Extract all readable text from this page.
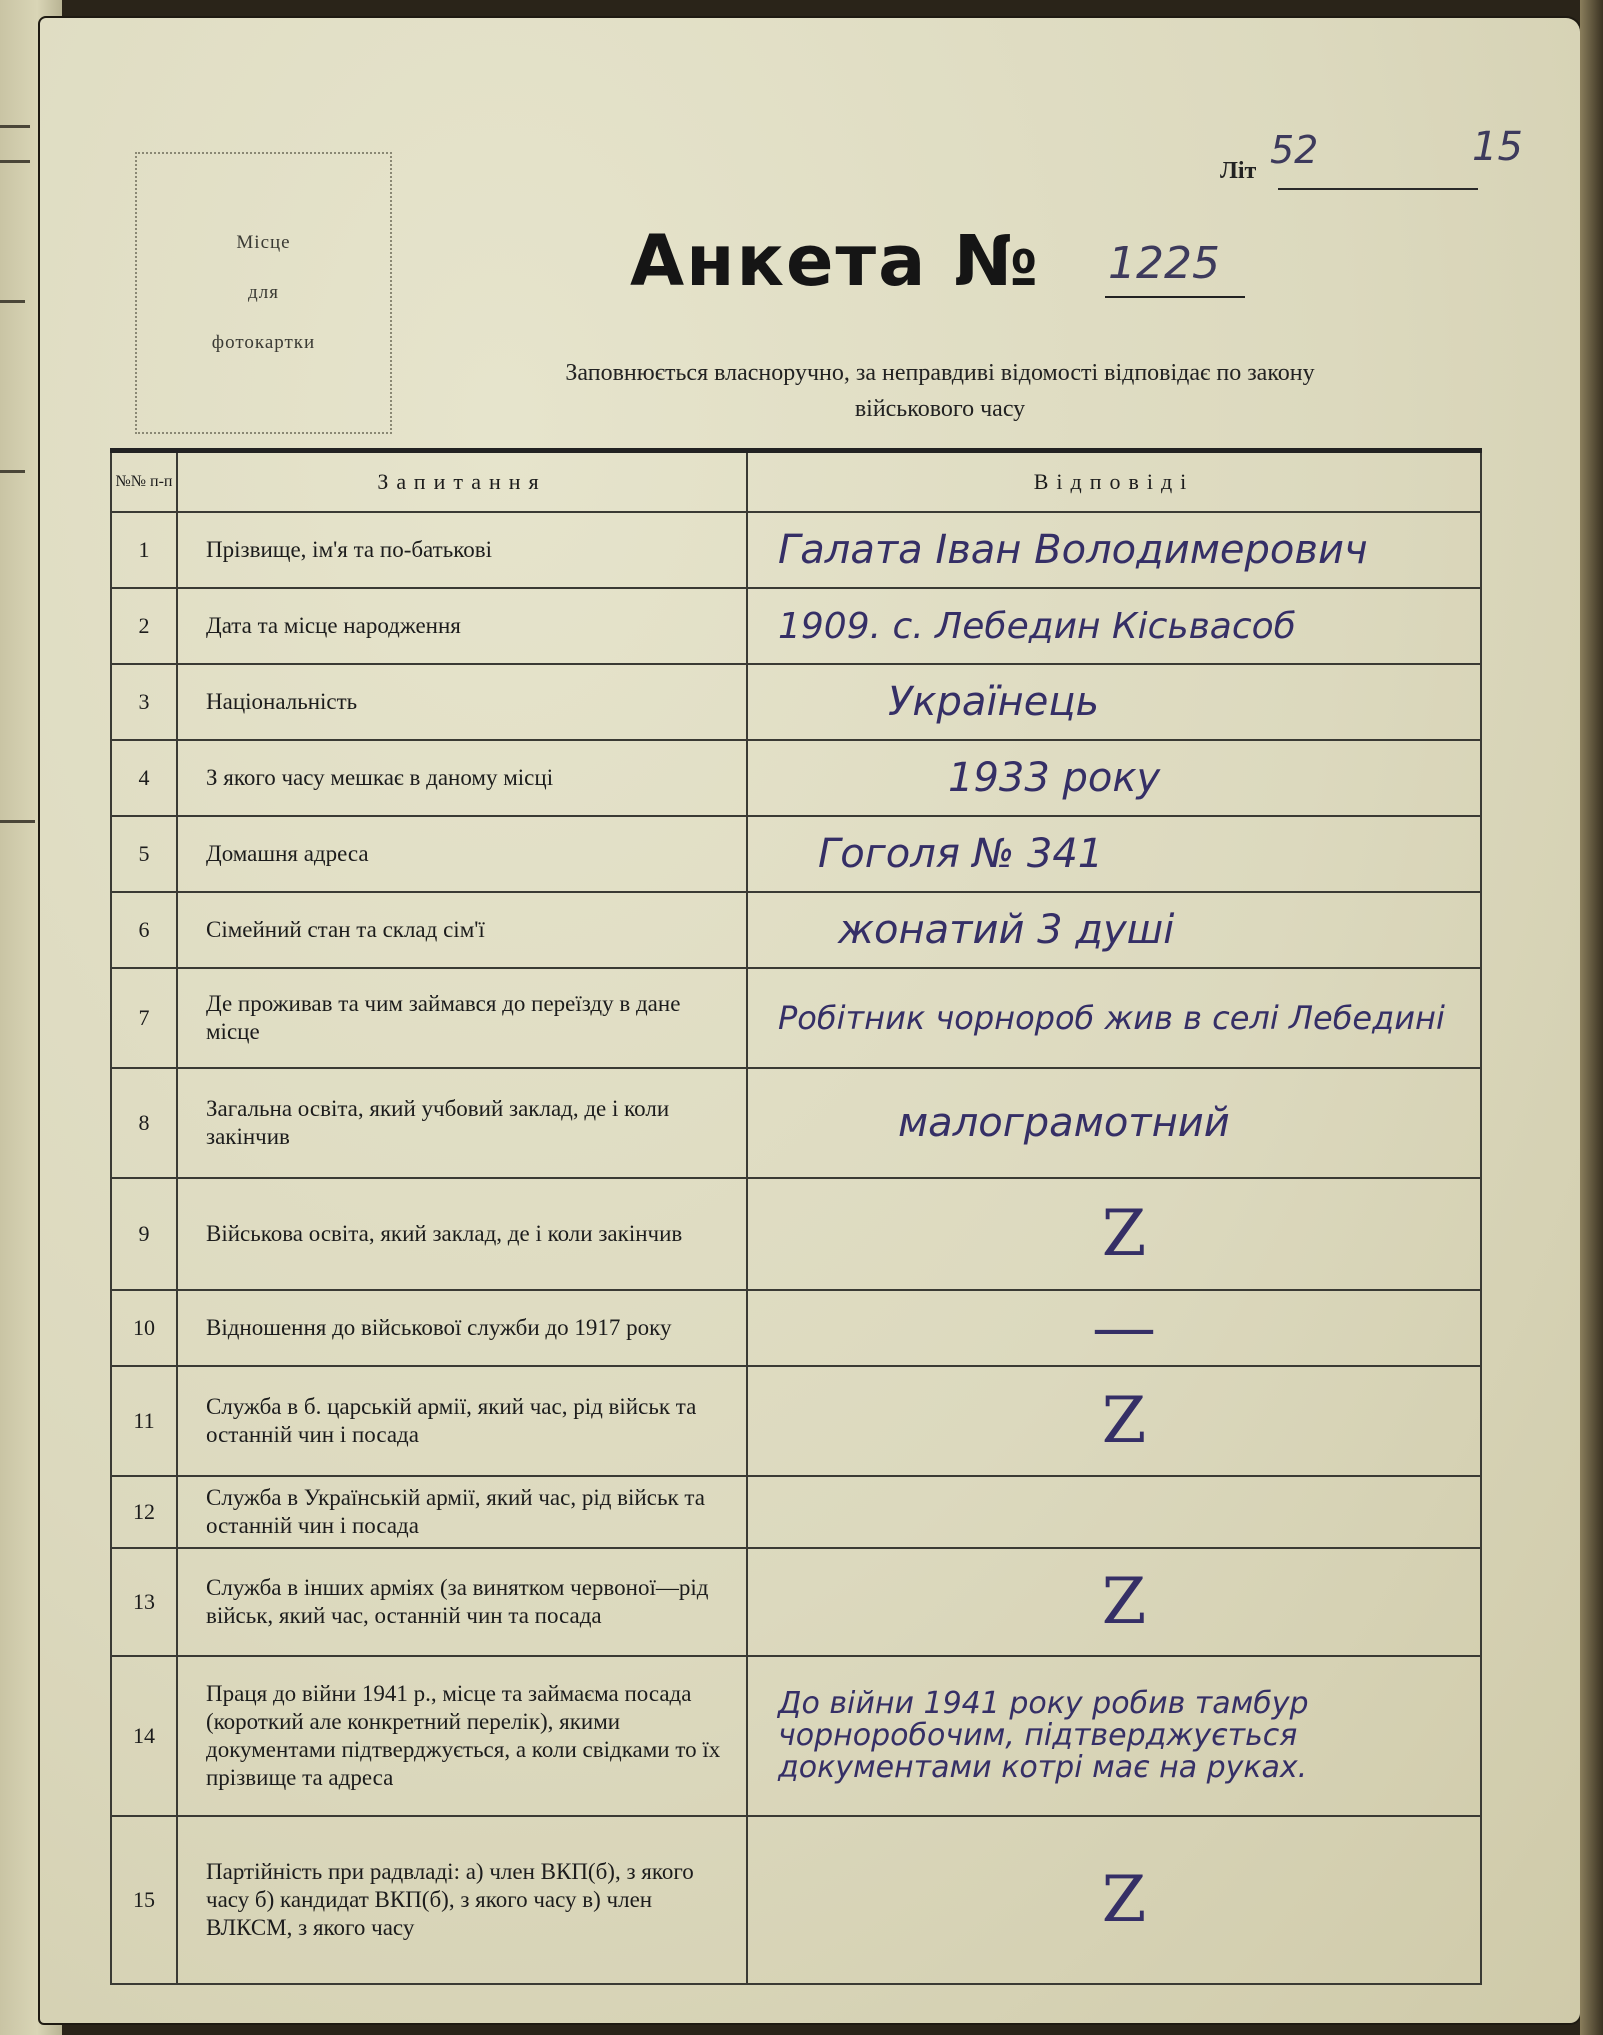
Місце
для
фотокартки
Літ 52	15
Анкета № 1225
Заповнюється власноручно, за неправдиві відомості відповідає по закону
військового часу
№№ п-п	Запитання	Відповіді
1	Прізвище, ім'я та по-батькові	Галата Іван Володимерович
2	Дата та місце народження	1909. с. Лебедин Кісьвасоб
3	Національність	Українець
4	З якого часу мешкає в даному місці	1933 року
5	Домашня адреса	Гоголя № 341
6	Сімейний стан та склад сім'ї	жонатий 3 душі
7	Де проживав та чим займався до переїзду в дане місце	Робітник чорнороб жив в селі Лебедині
8	Загальна освіта, який учбовий заклад, де і коли закінчив	малограмотний
9	Військова освіта, який заклад, де і коли закінчив	Z

10	Відношення до військової служби до 1917 року	—

11	Служба в б. царській армії, який час, рід військ та останній чин і посада	Z

12	Служба в Українській армії, який час, рід військ та останній чин і посада	
13	Служба в інших арміях (за винятком червоної—рід військ, який час, останній чин та посада	Z

14	Праця до війни 1941 р., місце та займаєма посада (короткий але конкретний перелік), якими документами підтверджується, а коли свідками то їх прізвище та адреса	До війни 1941 року робив тамбур чорноробочим, підтверджується документами котрі має на руках.
15	Партійність при радвладі: а) член ВКП(б), з якого часу б) кандидат ВКП(б), з якого часу в) член ВЛКСМ, з якого часу	Z
